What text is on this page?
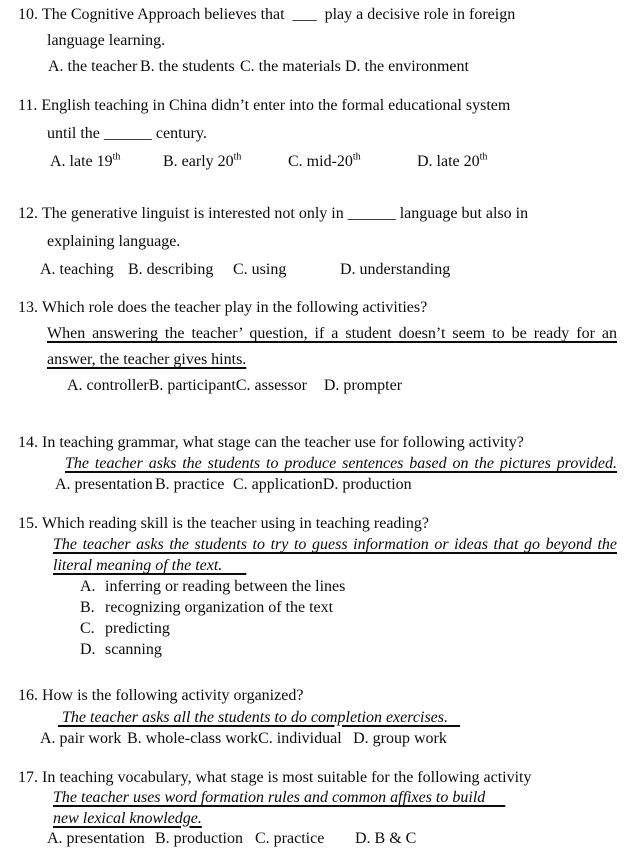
10. The Cognitive Approach believes that  ___  play a decisive role in foreign
language learning.
A. the teacher B. the students C. the materials D. the environment
11. English teaching in China didn’t enter into the formal educational system
until the ______ century.
A. late 19th	B. early 20th	C. mid-20th	D. late 20th
12. The generative linguist is interested not only in ______ language but also in
explaining language.
A. teaching B. describing	C. using	D. understanding
13. Which role does the teacher play in the following activities?
When answering the teacher’ question, if a student doesn’t seem to be ready for an
answer, the teacher gives hints.
A. controller B. participant C. assessor	D. prompter
14. In teaching grammar, what stage can the teacher use for following activity?
The teacher asks the students to produce sentences based on the pictures provided.
A. presentation B. practice C. application D. production
15. Which reading skill is the teacher using in teaching reading?
The teacher asks the students to try to guess information or ideas that go beyond the
literal meaning of the text.
A. inferring or reading between the lines
B. recognizing organization of the text
C. predicting
D. scanning
16. How is the following activity organized?
The teacher asks all the students to do completion exercises.
A. pair work B. whole-class work C. individual D. group work
17. In teaching vocabulary, what stage is most suitable for the following activity
The teacher uses word formation rules and common affixes to build
new lexical knowledge.
A. presentation B. production C. practice	D. B & C
